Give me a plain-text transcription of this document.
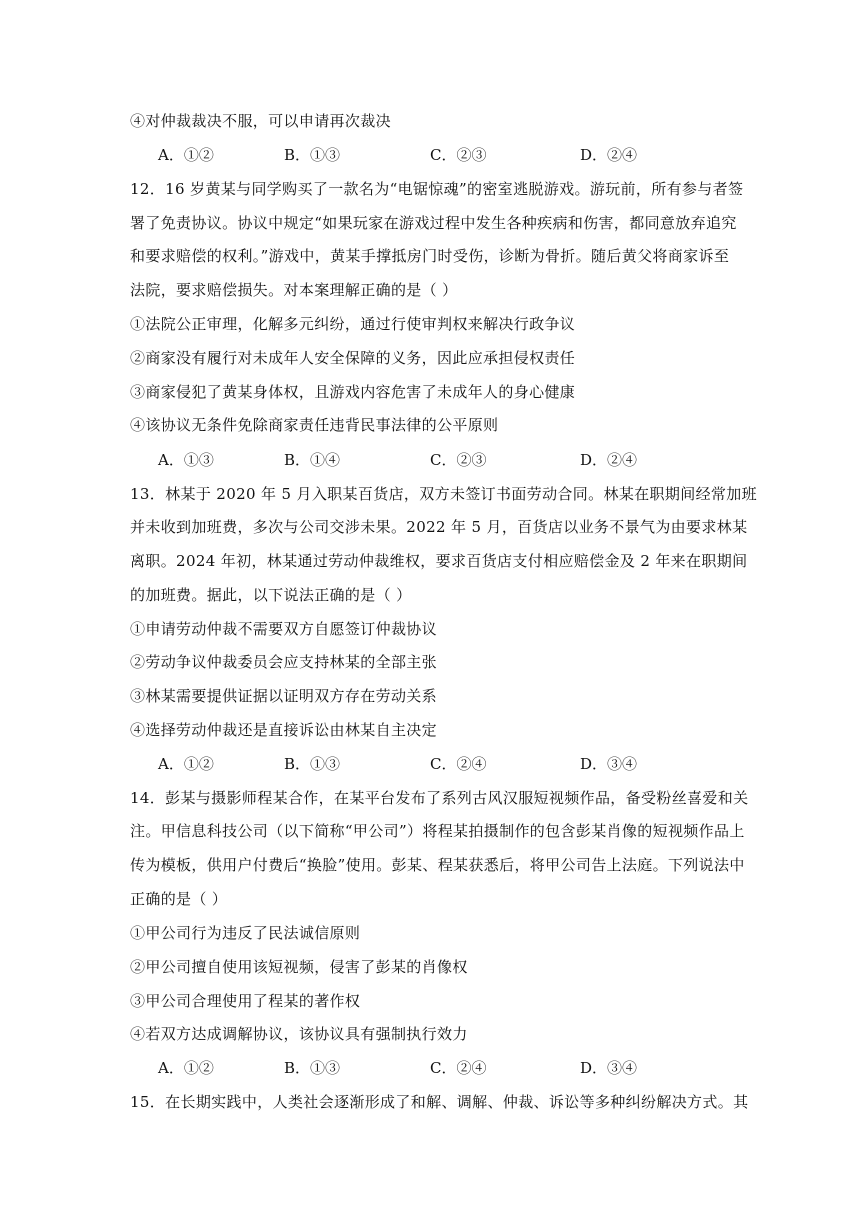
④对仲裁裁决不服，可以申请再次裁决
A．①②	B．①③	C．②③	D．②④
12．16 岁黄某与同学购买了一款名为“电锯惊魂”的密室逃脱游戏。游玩前，所有参与者签
署了免责协议。协议中规定“如果玩家在游戏过程中发生各种疾病和伤害，都同意放弃追究
和要求赔偿的权利。”游戏中，黄某手撑抵房门时受伤，诊断为骨折。随后黄父将商家诉至
法院，要求赔偿损失。对本案理解正确的是（ ）
①法院公正审理，化解多元纠纷，通过行使审判权来解决行政争议
②商家没有履行对未成年人安全保障的义务，因此应承担侵权责任
③商家侵犯了黄某身体权，且游戏内容危害了未成年人的身心健康
④该协议无条件免除商家责任违背民事法律的公平原则
A．①③	B．①④	C．②③	D．②④
13．林某于 2020 年 5 月入职某百货店，双方未签订书面劳动合同。林某在职期间经常加班
并未收到加班费，多次与公司交涉未果。2022 年 5 月，百货店以业务不景气为由要求林某
离职。2024 年初，林某通过劳动仲裁维权，要求百货店支付相应赔偿金及 2 年来在职期间
的加班费。据此，以下说法正确的是（ ）
①申请劳动仲裁不需要双方自愿签订仲裁协议
②劳动争议仲裁委员会应支持林某的全部主张
③林某需要提供证据以证明双方存在劳动关系
④选择劳动仲裁还是直接诉讼由林某自主决定
A．①②	B．①③	C．②④	D．③④
14．彭某与摄影师程某合作，在某平台发布了系列古风汉服短视频作品，备受粉丝喜爱和关
注。甲信息科技公司（以下简称“甲公司”）将程某拍摄制作的包含彭某肖像的短视频作品上
传为模板，供用户付费后“换脸”使用。彭某、程某获悉后，将甲公司告上法庭。下列说法中
正确的是（ ）
①甲公司行为违反了民法诚信原则
②甲公司擅自使用该短视频，侵害了彭某的肖像权
③甲公司合理使用了程某的著作权
④若双方达成调解协议，该协议具有强制执行效力
A．①②	B．①③	C．②④	D．③④
15．在长期实践中，人类社会逐渐形成了和解、调解、仲裁、诉讼等多种纠纷解决方式。其
